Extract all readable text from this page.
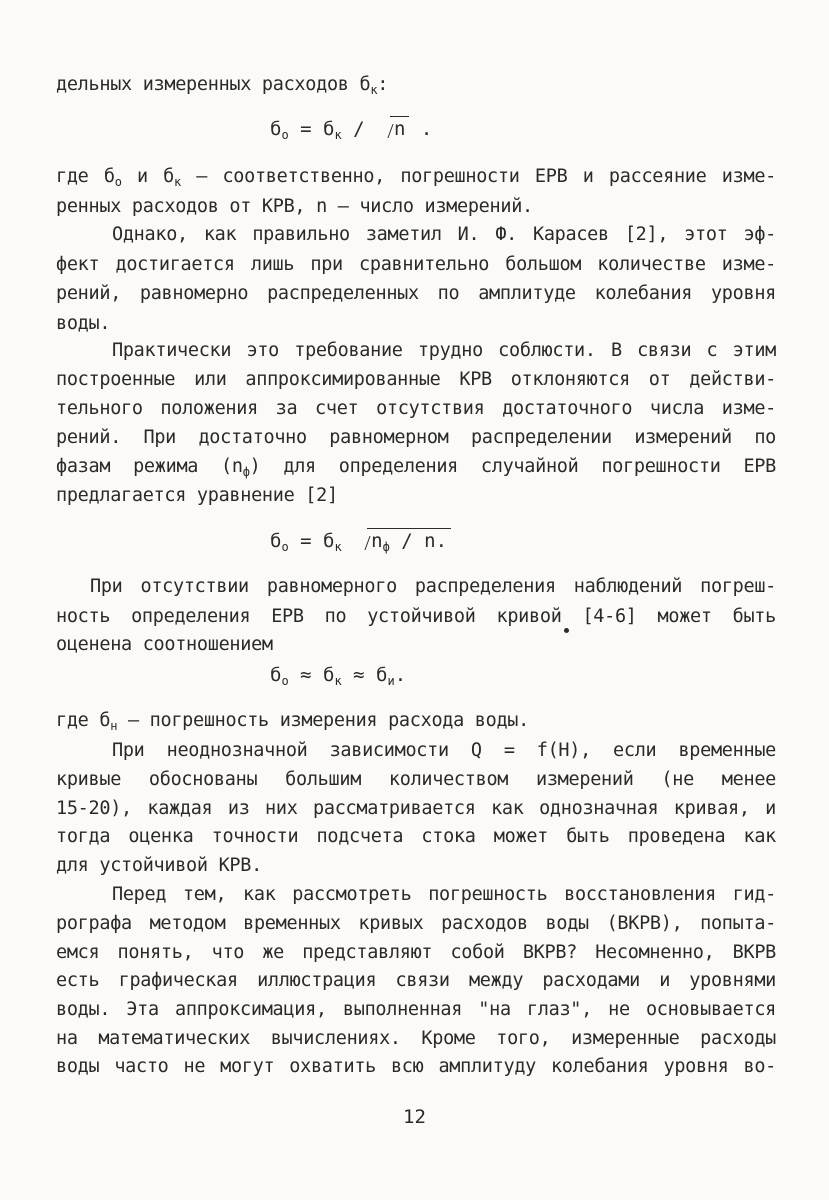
дельных измеренных расходов $б_к$:
$б_о = б_к / n$ .
где $б_о$ и $б_к$ – соответственно, погрешности ЕРВ и рассеяние изме-
ренных расходов от КРВ, n – число измерений.
Однако, как правильно заметил И. Ф. Карасев [2], этот эф-
фект достигается лишь при сравнительно большом количестве изме-
рений, равномерно распределенных по амплитуде колебания уровня
воды.
Практически это требование трудно соблюсти. В связи с этим
построенные или аппроксимированные КРВ отклоняются от действи-
тельного положения за счет отсутствия достаточного числа изме-
рений. При достаточно равномерном распределении измерений по
фазам режима $(n_ф)$ для определения случайной погрешности ЕРВ
предлагается уравнение [2]
$б_о = б_к$ $n_ф$ / n.
При отсутствии равномерного распределения наблюдений погреш-
ность определения ЕРВ по устойчивой кривой [4-6] может быть
оценена соотношением
$б_о \approx б_к \approx б_и$.
где $б_н$ – погрешность измерения расхода воды.
При неоднозначной зависимости Q = f(H), если временные
кривые обоснованы большим количеством измерений (не менее
15-20), каждая из них рассматривается как однозначная кривая, и
тогда оценка точности подсчета стока может быть проведена как
для устойчивой КРВ.
Перед тем, как рассмотреть погрешность восстановления гид-
рографа методом временных кривых расходов воды (ВКРВ), попыта-
емся понять, что же представляют собой ВКРВ? Несомненно, ВКРВ
есть графическая иллюстрация связи между расходами и уровнями
воды. Эта аппроксимация, выполненная "на глаз", не основывается
на математических вычислениях. Кроме того, измеренные расходы
воды часто не могут охватить всю амплитуду колебания уровня во-
12
